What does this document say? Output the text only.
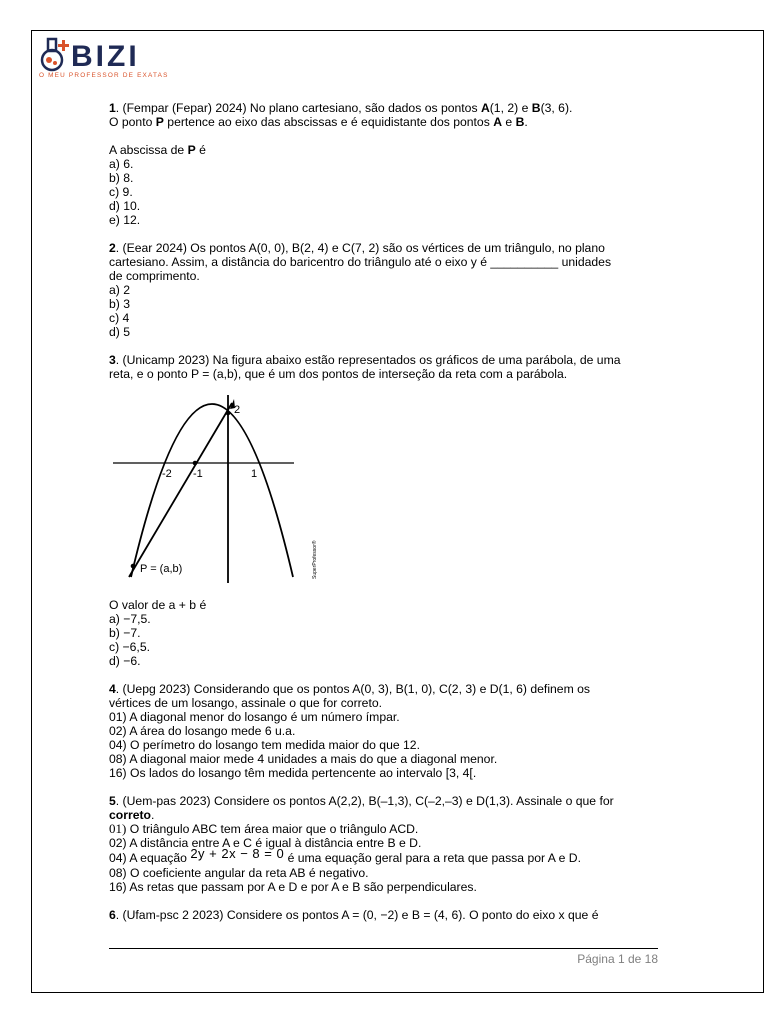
BIZI
O MEU PROFESSOR DE EXATAS

1. (Fempar (Fepar) 2024) No plano cartesiano, são dados os pontos A(1, 2) e B(3, 6).

O ponto P pertence ao eixo das abscissas e é equidistante dos pontos A e B.

A abscissa de P é

a) 6.

b) 8.

c) 9.

d) 10.

e) 12.

2. (Eear 2024) Os pontos A(0, 0), B(2, 4) e C(7, 2) são os vértices de um triângulo, no plano

cartesiano. Assim, a distância do baricentro do triângulo até o eixo y é __________ unidades

de comprimento.

a) 2

b) 3

c) 4

d) 5

3. (Unicamp 2023) Na figura abaixo estão representados os gráficos de uma parábola, de uma

reta, e o ponto P = (a,b), que é um dos pontos de interseção da reta com a parábola.

2
-2 -1	1
P = (a,b)	SuperProfessor®

O valor de a + b é

a) −7,5.

b) −7.

c) −6,5.

d) −6.

4. (Uepg 2023) Considerando que os pontos A(0, 3), B(1, 0), C(2, 3) e D(1, 6) definem os

vértices de um losango, assinale o que for correto.

01) A diagonal menor do losango é um número ímpar.

02) A área do losango mede 6 u.a.

04) O perímetro do losango tem medida maior do que 12.

08) A diagonal maior mede 4 unidades a mais do que a diagonal menor.

16) Os lados do losango têm medida pertencente ao intervalo [3, 4[.

5. (Uem-pas 2023) Considere os pontos A(2,2), B(–1,3), C(–2,–3) e D(1,3). Assinale o que for

correto.

01) O triângulo ABC tem área maior que o triângulo ACD.

02) A distância entre A e C é igual à distância entre B e D.

04) A equação 2y + 2x − 8 = 0 é uma equação geral para a reta que passa por A e D.

08) O coeficiente angular da reta AB é negativo.

16) As retas que passam por A e D e por A e B são perpendiculares.

6. (Ufam-psc 2 2023) Considere os pontos A = (0, −2) e B = (4, 6). O ponto do eixo x que é

Página 1 de 18
